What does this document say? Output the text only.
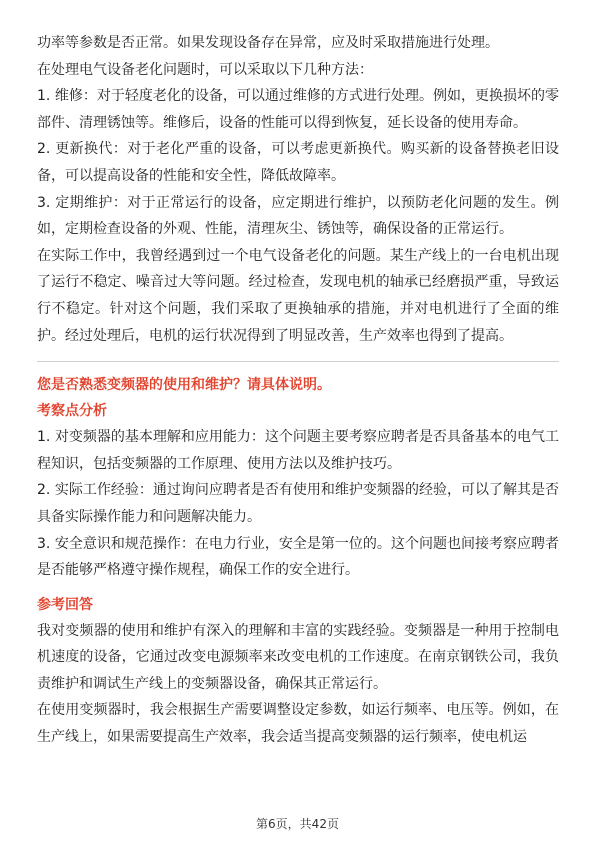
功率等参数是否正常。如果发现设备存在异常，应及时采取措施进行处理。

在处理电气设备老化问题时，可以采取以下几种方法：

1. 维修：对于轻度老化的设备，可以通过维修的方式进行处理。例如，更换损坏的零部件、清理锈蚀等。维修后，设备的性能可以得到恢复，延长设备的使用寿命。

2. 更新换代：对于老化严重的设备，可以考虑更新换代。购买新的设备替换老旧设备，可以提高设备的性能和安全性，降低故障率。

3. 定期维护：对于正常运行的设备，应定期进行维护，以预防老化问题的发生。例如，定期检查设备的外观、性能，清理灰尘、锈蚀等，确保设备的正常运行。

在实际工作中，我曾经遇到过一个电气设备老化的问题。某生产线上的一台电机出现了运行不稳定、噪音过大等问题。经过检查，发现电机的轴承已经磨损严重，导致运行不稳定。针对这个问题，我们采取了更换轴承的措施，并对电机进行了全面的维护。经过处理后，电机的运行状况得到了明显改善，生产效率也得到了提高。

您是否熟悉变频器的使用和维护？请具体说明。

考察点分析

1. 对变频器的基本理解和应用能力：这个问题主要考察应聘者是否具备基本的电气工程知识，包括变频器的工作原理、使用方法以及维护技巧。

2. 实际工作经验：通过询问应聘者是否有使用和维护变频器的经验，可以了解其是否具备实际操作能力和问题解决能力。

3. 安全意识和规范操作：在电力行业，安全是第一位的。这个问题也间接考察应聘者是否能够严格遵守操作规程，确保工作的安全进行。

参考回答

我对变频器的使用和维护有深入的理解和丰富的实践经验。变频器是一种用于控制电机速度的设备，它通过改变电源频率来改变电机的工作速度。在南京钢铁公司，我负责维护和调试生产线上的变频器设备，确保其正常运行。

在使用变频器时，我会根据生产需要调整设定参数，如运行频率、电压等。例如，在生产线上，如果需要提高生产效率，我会适当提高变频器的运行频率，使电机运

第6页，共42页
